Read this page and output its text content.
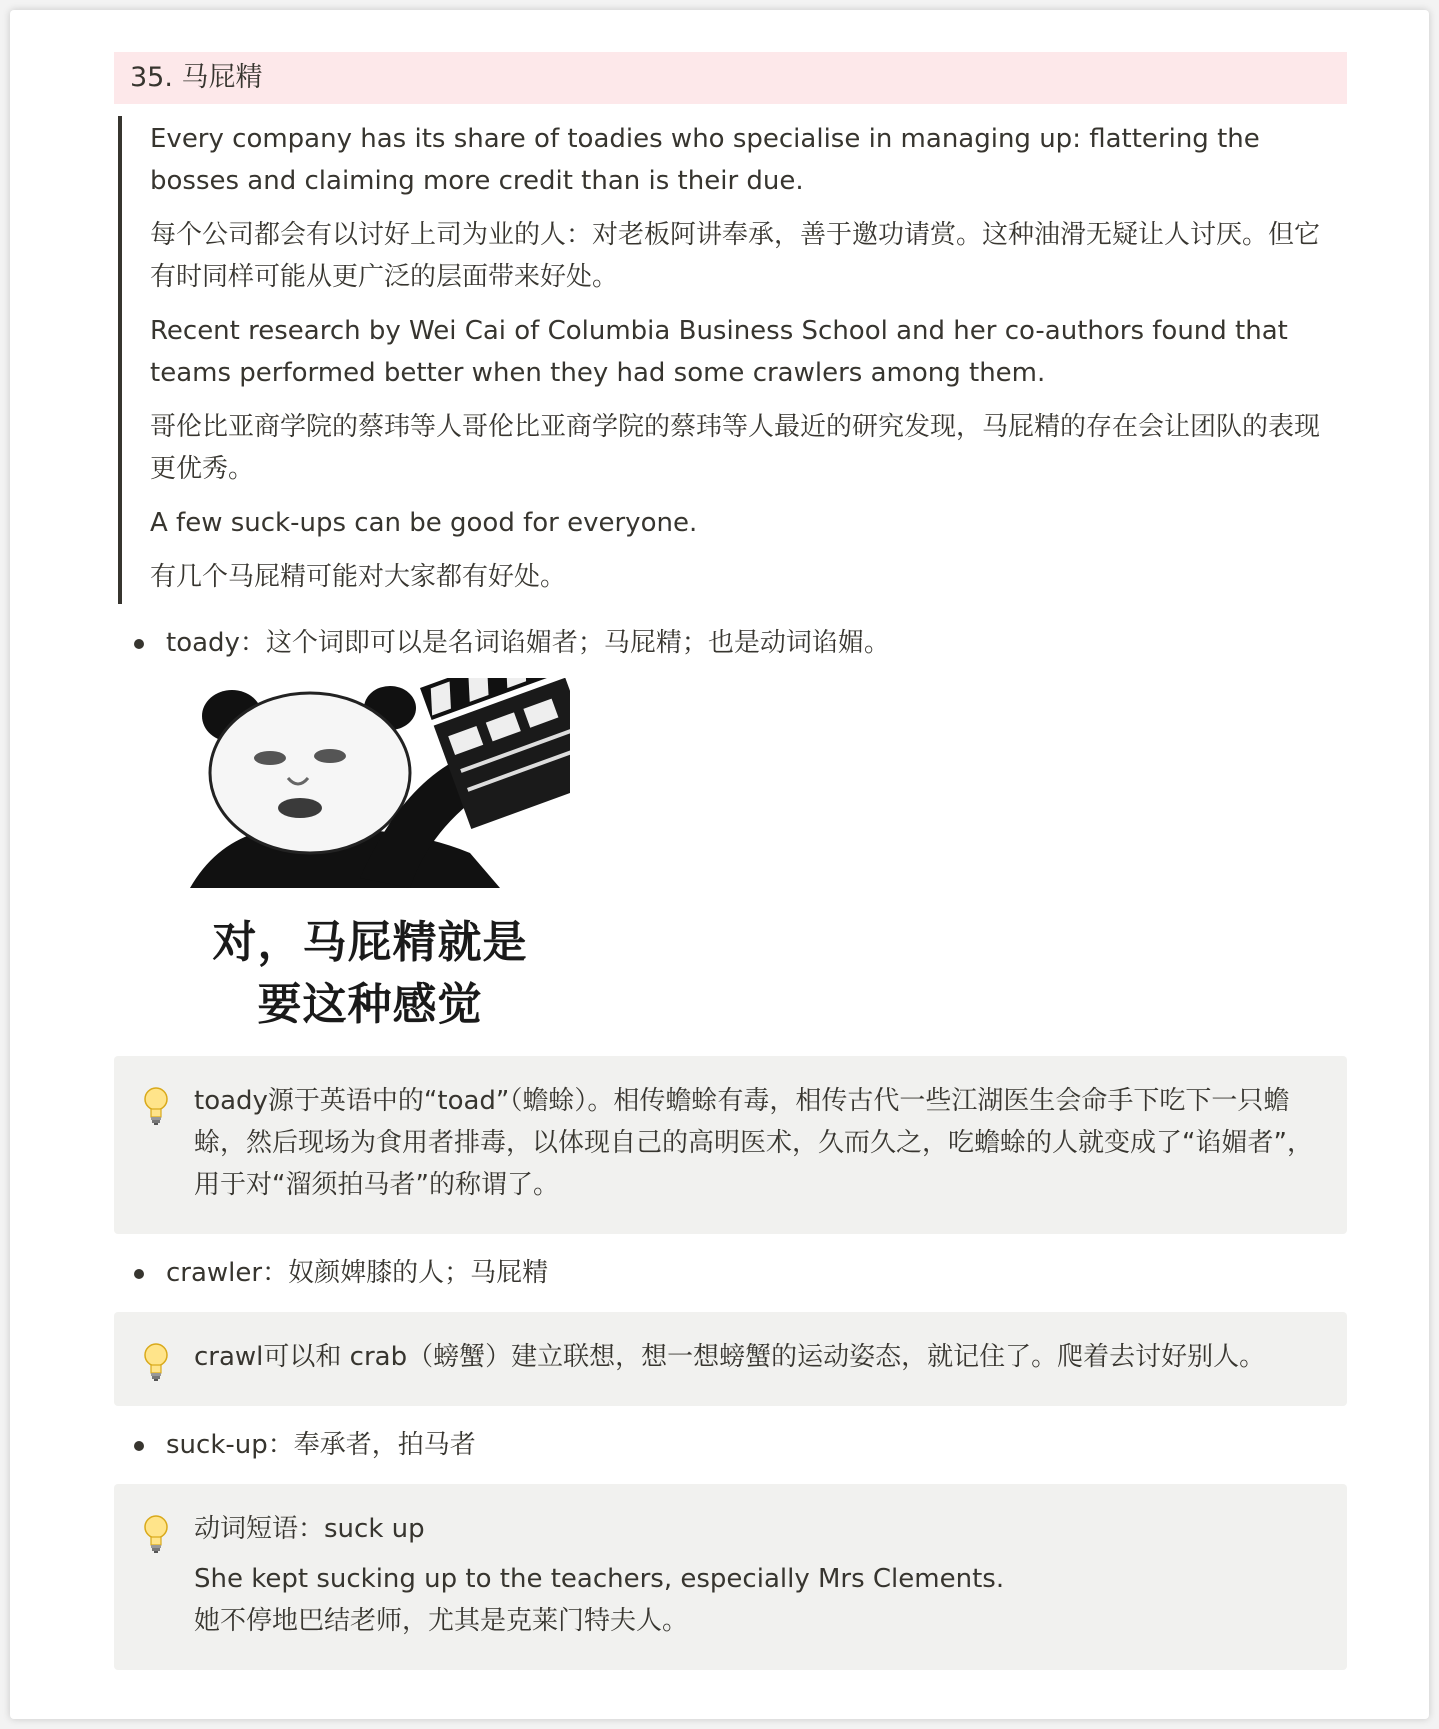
35. 马屁精

Every company has its share of toadies who specialise in managing up: flattering the bosses and claiming more credit than is their due.

每个公司都会有以讨好上司为业的人：对老板阿讲奉承，善于邀功请赏。这种油滑无疑让人讨厌。但它有时同样可能从更广泛的层面带来好处。

Recent research by Wei Cai of Columbia Business School and her co-authors found that teams performed better when they had some crawlers among them.

哥伦比亚商学院的蔡玮等人哥伦比亚商学院的蔡玮等人最近的研究发现，马屁精的存在会让团队的表现更优秀。

A few suck-ups can be good for everyone.

有几个马屁精可能对大家都有好处。

toady：这个词即可以是名词谄媚者；马屁精；也是动词谄媚。
对，马屁精就是
要这种感觉

toady源于英语中的“toad”（蟾蜍）。相传蟾蜍有毒，相传古代一些江湖医生会命手下吃下一只蟾蜍，然后现场为食用者排毒，以体现自己的高明医术，久而久之，吃蟾蜍的人就变成了“谄媚者”，用于对“溜须拍马者”的称谓了。

crawler：奴颜婢膝的人；马屁精

crawl可以和 crab（螃蟹）建立联想，想一想螃蟹的运动姿态，就记住了。爬着去讨好别人。

suck-up：奉承者，拍马者

动词短语：suck up

She kept sucking up to the teachers, especially Mrs Clements.

她不停地巴结老师，尤其是克莱门特夫人。
